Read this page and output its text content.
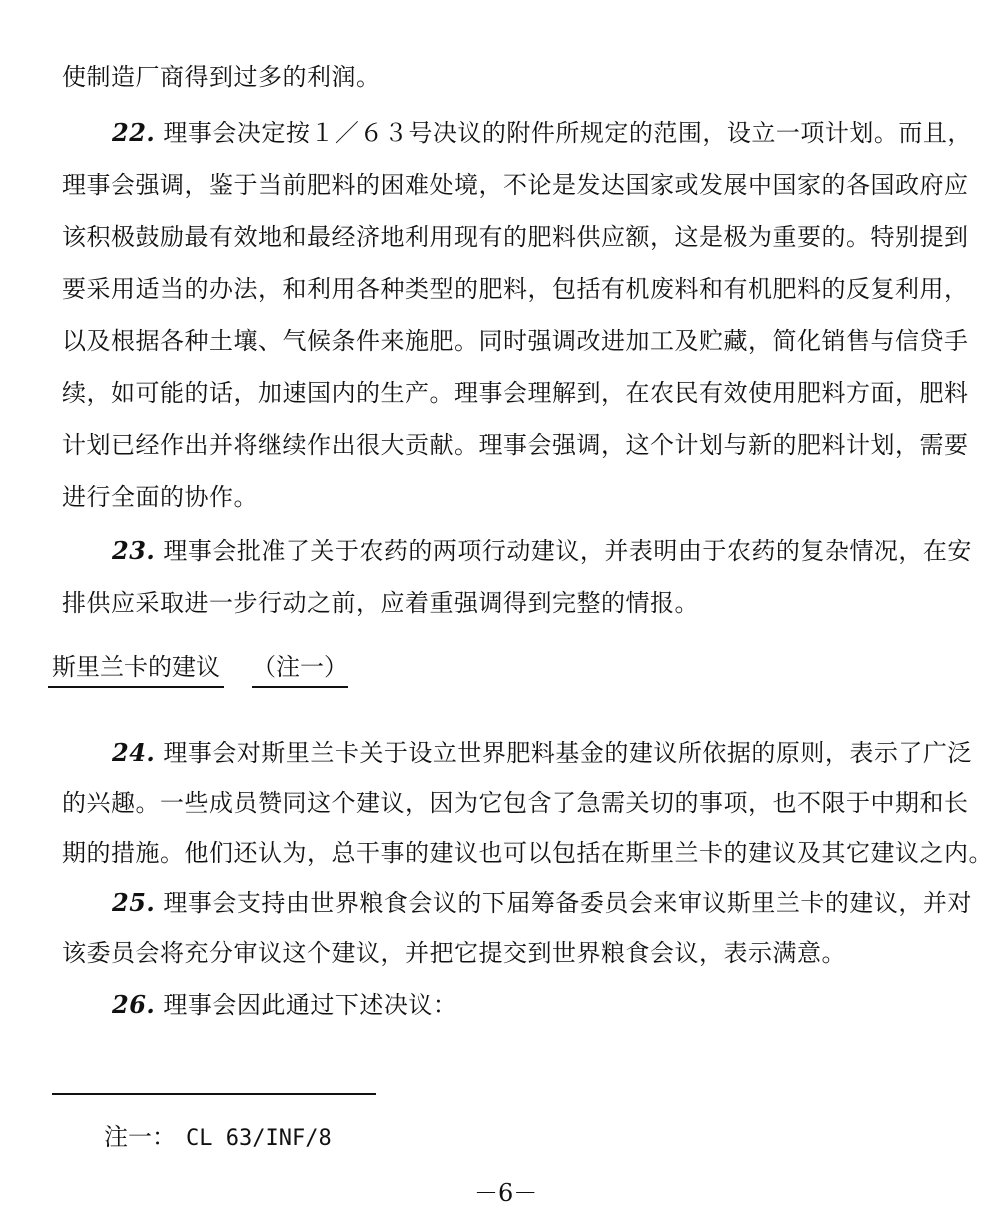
使制造厂商得到过多的利润。
22. 理事会决定按１／６３号决议的附件所规定的范围，设立一项计划。而且，
理事会强调，鉴于当前肥料的困难处境，不论是发达国家或发展中国家的各国政府应
该积极鼓励最有效地和最经济地利用现有的肥料供应额，这是极为重要的。特别提到
要采用适当的办法，和利用各种类型的肥料，包括有机废料和有机肥料的反复利用，
以及根据各种土壤、气候条件来施肥。同时强调改进加工及贮藏，简化销售与信贷手
续，如可能的话，加速国内的生产。理事会理解到，在农民有效使用肥料方面，肥料
计划已经作出并将继续作出很大贡献。理事会强调，这个计划与新的肥料计划，需要
进行全面的协作。
23. 理事会批准了关于农药的两项行动建议，并表明由于农药的复杂情况，在安
排供应采取进一步行动之前，应着重强调得到完整的情报。
斯里兰卡的建议 （注一）
24. 理事会对斯里兰卡关于设立世界肥料基金的建议所依据的原则，表示了广泛
的兴趣。一些成员赞同这个建议，因为它包含了急需关切的事项，也不限于中期和长
期的措施。他们还认为，总干事的建议也可以包括在斯里兰卡的建议及其它建议之内。
25. 理事会支持由世界粮食会议的下届筹备委员会来审议斯里兰卡的建议，并对
该委员会将充分审议这个建议，并把它提交到世界粮食会议，表示满意。
26. 理事会因此通过下述决议：
注一： CL 63/INF/8
－6－
